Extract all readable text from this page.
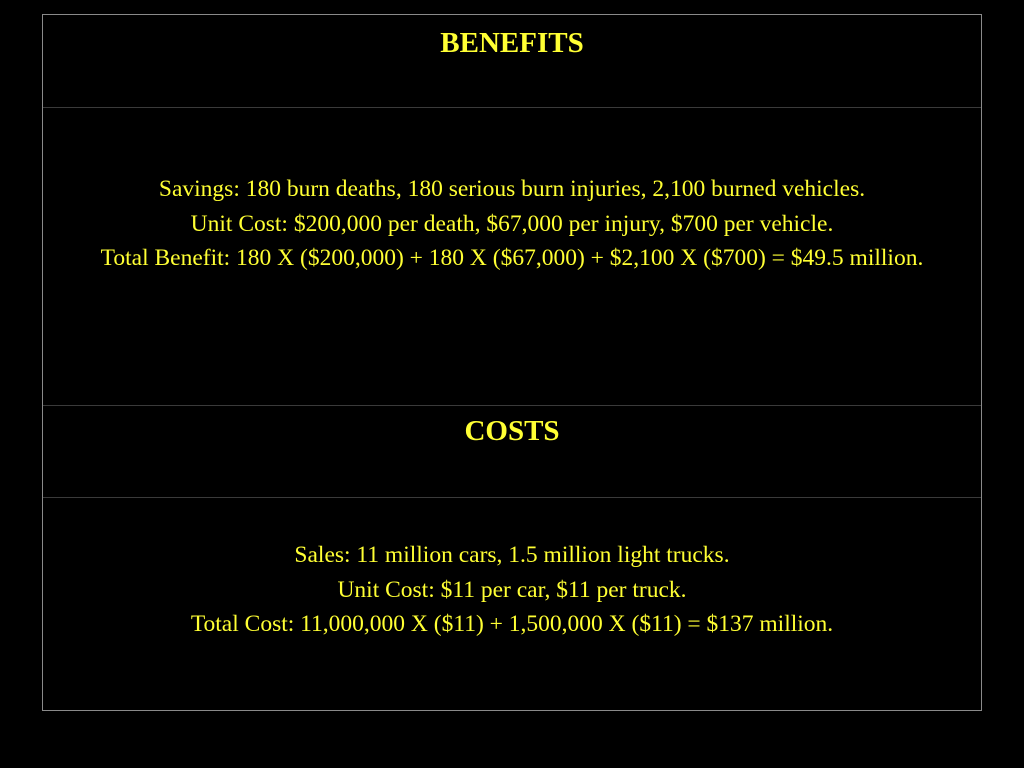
BENEFITS
Savings: 180 burn deaths, 180 serious burn injuries, 2,100 burned vehicles.
Unit Cost: $200,000 per death, $67,000 per injury, $700 per vehicle.
Total Benefit: 180 X ($200,000) + 180 X ($67,000) + $2,100 X ($700) = $49.5 million.
COSTS
Sales: 11 million cars, 1.5 million light trucks.
Unit Cost: $11 per car, $11 per truck.
Total Cost: 11,000,000 X ($11) + 1,500,000 X ($11) = $137 million.
